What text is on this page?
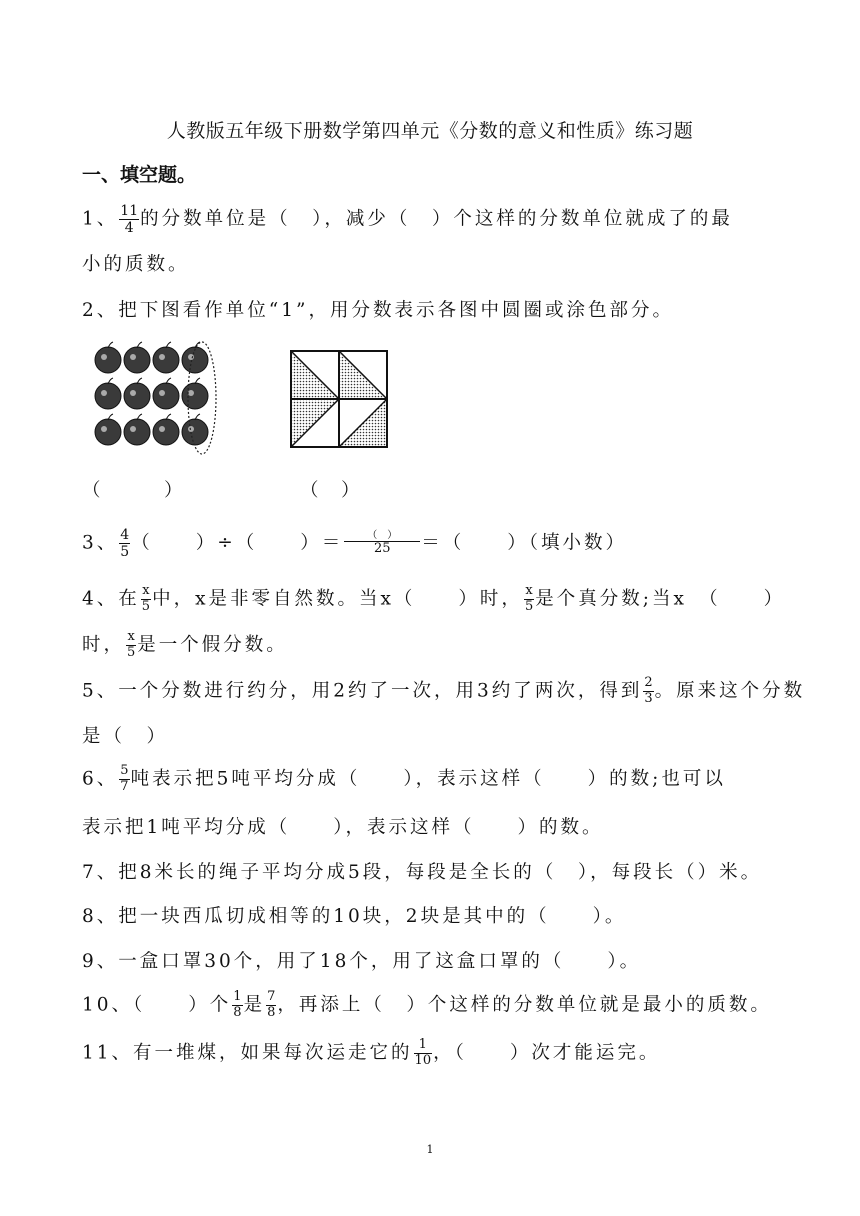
人教版五年级下册数学第四单元《分数的意义和性质》练习题
一、填空题。
1、 $\frac{11}{4}$ 的分数单位是（　），减少（　）个这样的分数单位就成了的最
小的质数。
2、把下图看作单位“1”，用分数表示各图中圆圈或涂色部分。
（　　　）	（　）
3、 $\frac{4}{5}$ （　　）÷（　　）＝ $\frac{( )}{25}$ ＝（　　）（填小数）
4、在 $\frac{x}{5}$ 中，x是非零自然数。当x（　　）时， $\frac{x}{5}$ 是个真分数;当x　（　　）
时， $\frac{x}{5}$ 是一个假分数。
5、一个分数进行约分，用2约了一次，用3约了两次，得到 $\frac{2}{3}$ 。原来这个分数
是（　）
6、 $\frac{5}{7}$ 吨表示把5吨平均分成（　　），表示这样（　　）的数;也可以
表示把1吨平均分成（　　），表示这样（　　）的数。
7、把8米长的绳子平均分成5段，每段是全长的（　），每段长（）米。
8、把一块西瓜切成相等的10块，2块是其中的（　　）。
9、一盒口罩30个，用了18个，用了这盒口罩的（　　）。
10、（　　）个 $\frac{1}{8}$ 是 $\frac{7}{8}$ ，再添上（　）个这样的分数单位就是最小的质数。
11、有一堆煤，如果每次运走它的 $\frac{1}{10}$ ，（　　）次才能运完。
1
